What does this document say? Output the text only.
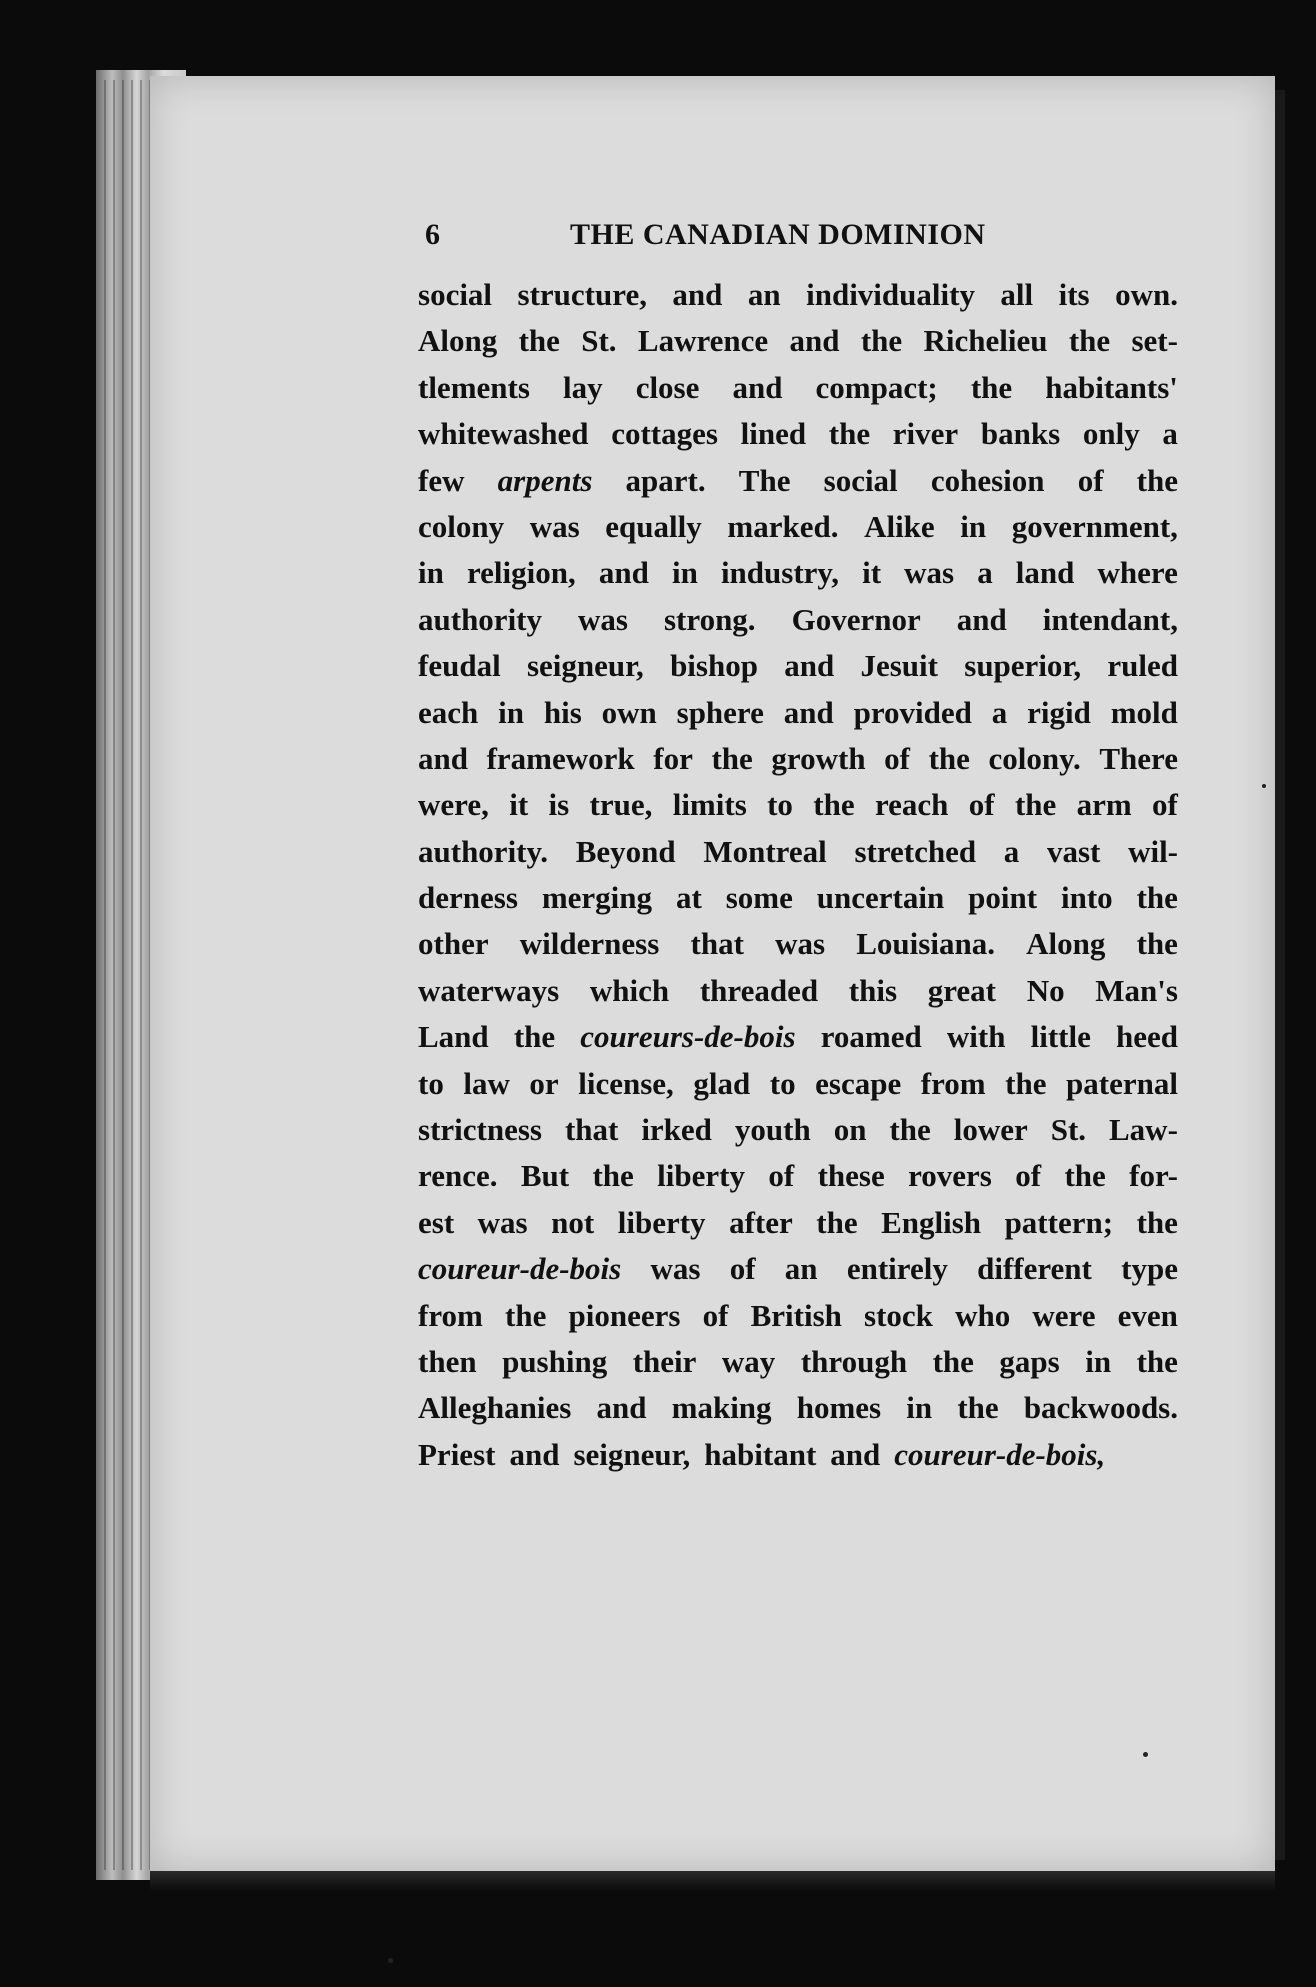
6	THE CANADIAN DOMINION
social structure, and an individuality all its own.
Along the St. Lawrence and the Richelieu the set-
tlements lay close and compact; the habitants'
whitewashed cottages lined the river banks only a
few arpents apart. The social cohesion of the
colony was equally marked. Alike in government,
in religion, and in industry, it was a land where
authority was strong. Governor and intendant,
feudal seigneur, bishop and Jesuit superior, ruled
each in his own sphere and provided a rigid mold
and framework for the growth of the colony. There
were, it is true, limits to the reach of the arm of
authority. Beyond Montreal stretched a vast wil-
derness merging at some uncertain point into the
other wilderness that was Louisiana. Along the
waterways which threaded this great No Man's
Land the coureurs-de-bois roamed with little heed
to law or license, glad to escape from the paternal
strictness that irked youth on the lower St. Law-
rence. But the liberty of these rovers of the for-
est was not liberty after the English pattern; the
coureur-de-bois was of an entirely different type
from the pioneers of British stock who were even
then pushing their way through the gaps in the
Alleghanies and making homes in the backwoods.
Priest and seigneur, habitant and coureur-de-bois,
